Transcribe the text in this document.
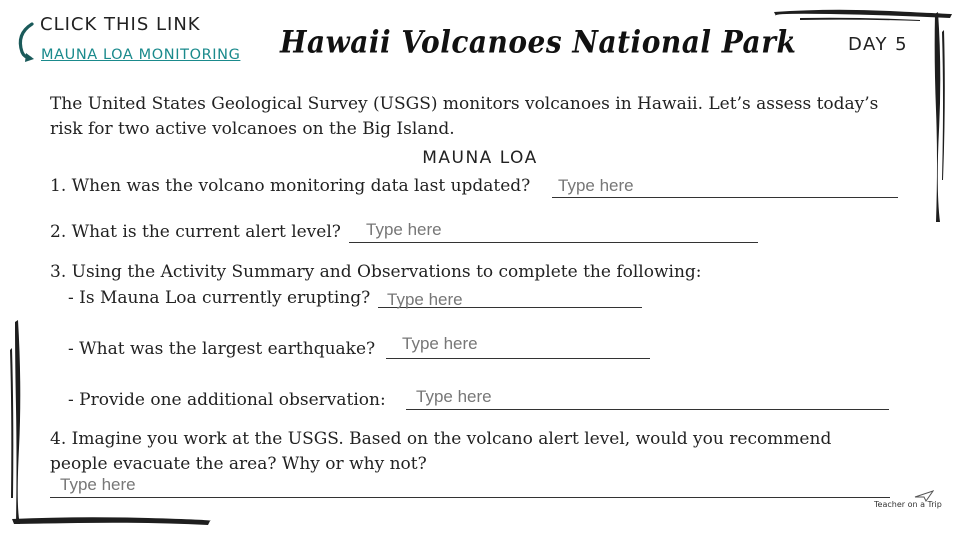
CLICK THIS LINK
MAUNA LOA MONITORING Hawaii Volcanoes National Park	DAY 5
The United States Geological Survey (USGS) monitors volcanoes in Hawaii. Let’s assess today’s risk for two active volcanoes on the Big Island.
MAUNA LOA
1. When was the volcano monitoring data last updated?
Type here
2. What is the current alert level?
Type here
3. Using the Activity Summary and Observations to complete the following:
- Is Mauna Loa currently erupting?
Type here
- What was the largest earthquake?
Type here
- Provide one additional observation:
Type here
4. Imagine you work at the USGS. Based on the volcano alert level, would you recommend
people evacuate the area? Why or why not?
Type here
Teacher on a Trip
